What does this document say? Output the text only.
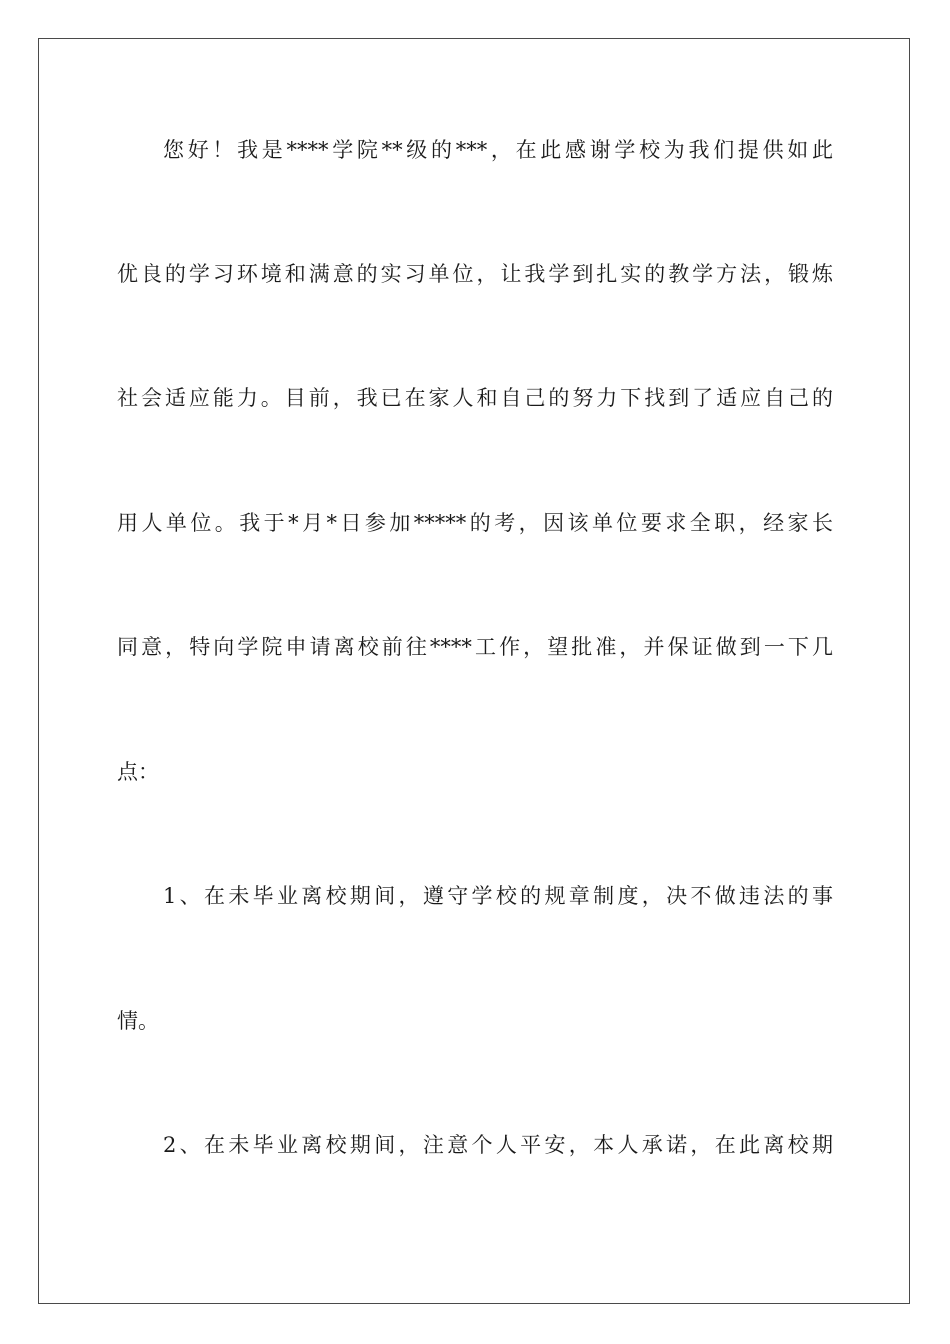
您好！我是****学院**级的***，在此感谢学校为我们提供如此
优良的学习环境和满意的实习单位，让我学到扎实的教学方法，锻炼
社会适应能力。目前，我已在家人和自己的努力下找到了适应自己的
用人单位。我于*月*日参加*****的考，因该单位要求全职，经家长
同意，特向学院申请离校前往****工作，望批准，并保证做到一下几
点：
1、在未毕业离校期间，遵守学校的规章制度，决不做违法的事
情。
2、在未毕业离校期间，注意个人平安，本人承诺，在此离校期
